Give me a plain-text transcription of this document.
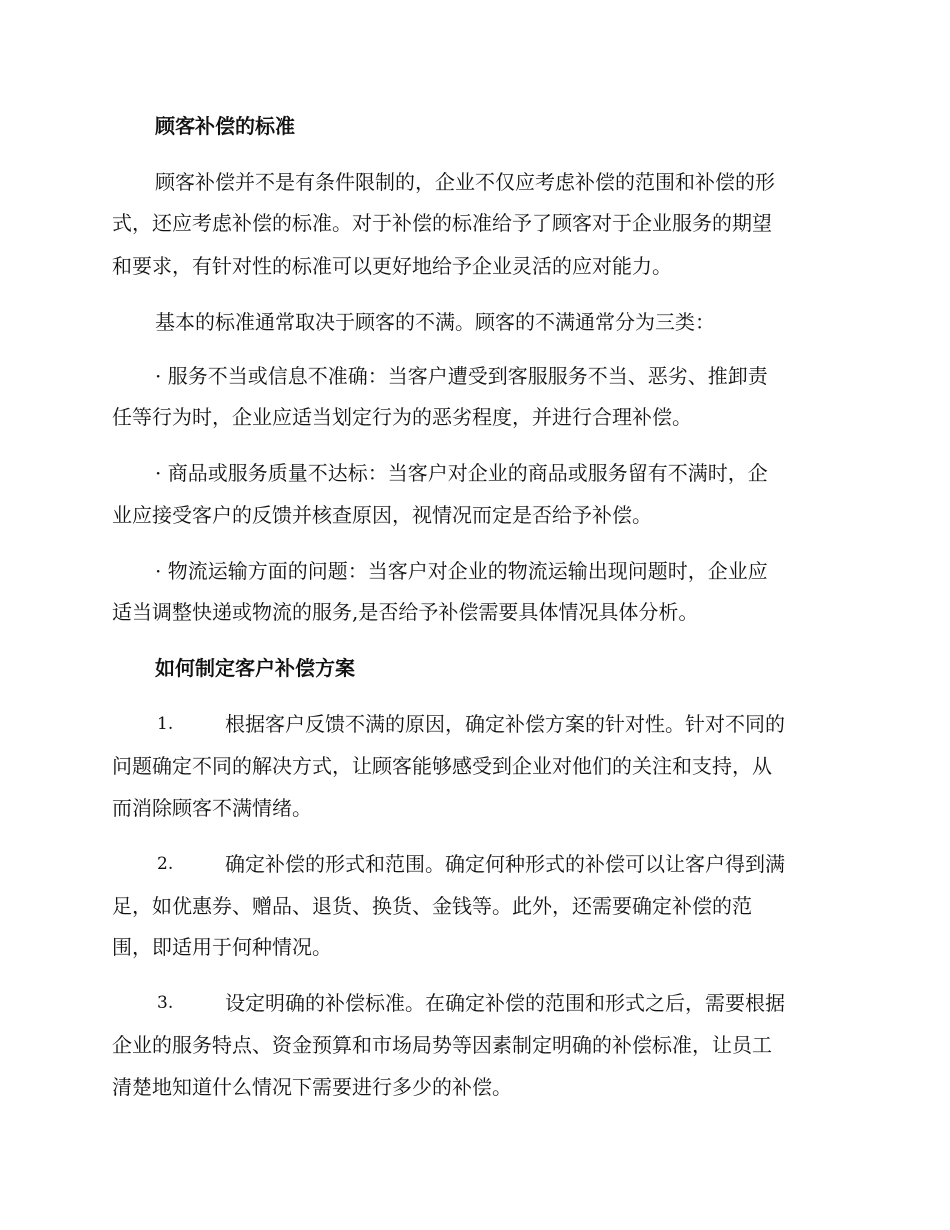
顾客补偿的标准
顾客补偿并不是有条件限制的，企业不仅应考虑补偿的范围和补偿的形
式，还应考虑补偿的标准。对于补偿的标准给予了顾客对于企业服务的期望
和要求，有针对性的标准可以更好地给予企业灵活的应对能力。
基本的标准通常取决于顾客的不满。顾客的不满通常分为三类：
· 服务不当或信息不准确：当客户遭受到客服服务不当、恶劣、推卸责
任等行为时，企业应适当划定行为的恶劣程度，并进行合理补偿。
· 商品或服务质量不达标：当客户对企业的商品或服务留有不满时，企
业应接受客户的反馈并核查原因，视情况而定是否给予补偿。
· 物流运输方面的问题：当客户对企业的物流运输出现问题时，企业应
适当调整快递或物流的服务,是否给予补偿需要具体情况具体分析。
如何制定客户补偿方案
1.	根据客户反馈不满的原因，确定补偿方案的针对性。针对不同的
问题确定不同的解决方式，让顾客能够感受到企业对他们的关注和支持，从
而消除顾客不满情绪。
2.	确定补偿的形式和范围。确定何种形式的补偿可以让客户得到满
足，如优惠券、赠品、退货、换货、金钱等。此外，还需要确定补偿的范
围，即适用于何种情况。
3.	设定明确的补偿标准。在确定补偿的范围和形式之后，需要根据
企业的服务特点、资金预算和市场局势等因素制定明确的补偿标准，让员工
清楚地知道什么情况下需要进行多少的补偿。
